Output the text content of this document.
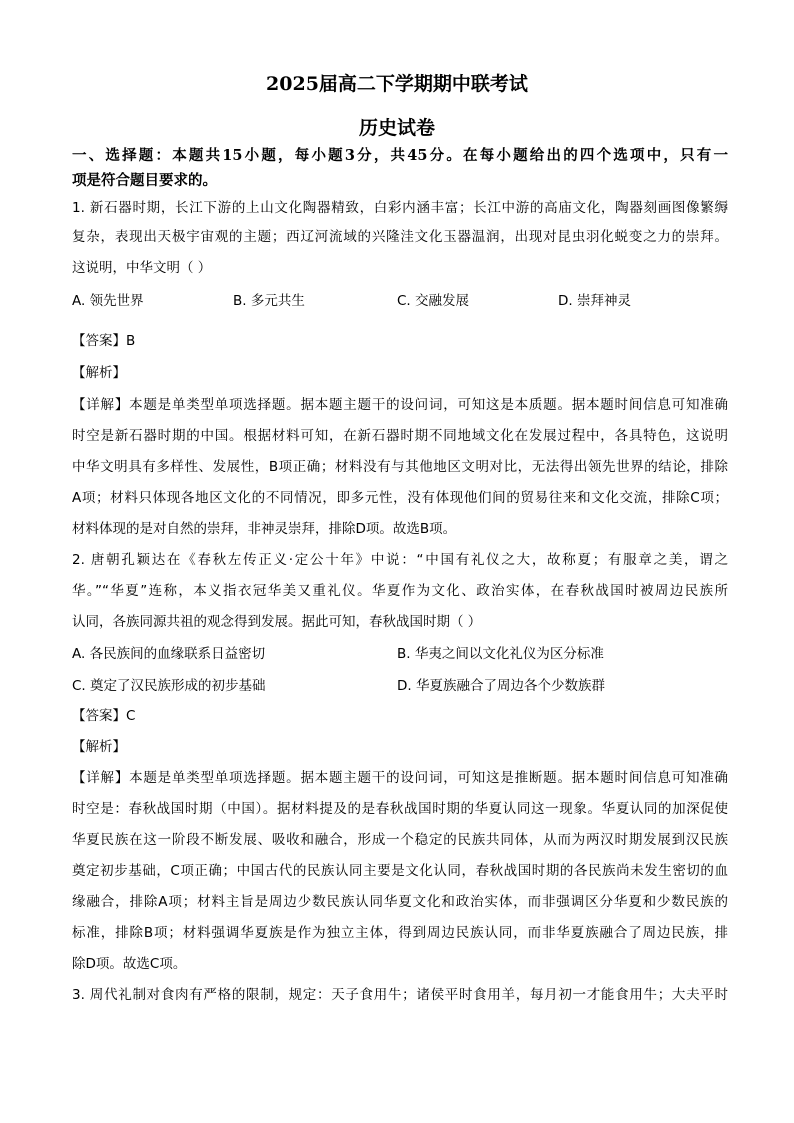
2025届高二下学期期中联考试
历史试卷

一、选择题：本题共15小题，每小题3分，共45分。在每小题给出的四个选项中，只有一

项是符合题目要求的。

1. 新石器时期，长江下游的上山文化陶器精致，白彩内涵丰富；长江中游的高庙文化，陶器刻画图像繁缛

复杂，表现出天极宇宙观的主题；西辽河流域的兴隆洼文化玉器温润，出现对昆虫羽化蜕变之力的崇拜。

这说明，中华文明（ ）

A. 领先世界	B. 多元共生	C. 交融发展	D. 崇拜神灵

【答案】B

【解析】

【详解】本题是单类型单项选择题。据本题主题干的设问词，可知这是本质题。据本题时间信息可知准确

时空是新石器时期的中国。根据材料可知，在新石器时期不同地域文化在发展过程中，各具特色，这说明

中华文明具有多样性、发展性，B项正确；材料没有与其他地区文明对比，无法得出领先世界的结论，排除

A项；材料只体现各地区文化的不同情况，即多元性，没有体现他们间的贸易往来和文化交流，排除C项；

材料体现的是对自然的崇拜，非神灵崇拜，排除D项。故选B项。

2. 唐朝孔颖达在《春秋左传正义·定公十年》中说：“中国有礼仪之大，故称夏；有服章之美，谓之

华。”“华夏”连称，本义指衣冠华美又重礼仪。华夏作为文化、政治实体，在春秋战国时被周边民族所

认同，各族同源共祖的观念得到发展。据此可知，春秋战国时期（ ）

A. 各民族间的血缘联系日益密切	B. 华夷之间以文化礼仪为区分标准

C. 奠定了汉民族形成的初步基础	D. 华夏族融合了周边各个少数族群

【答案】C

【解析】

【详解】本题是单类型单项选择题。据本题主题干的设问词，可知这是推断题。据本题时间信息可知准确

时空是：春秋战国时期（中国）。据材料提及的是春秋战国时期的华夏认同这一现象。华夏认同的加深促使

华夏民族在这一阶段不断发展、吸收和融合，形成一个稳定的民族共同体，从而为两汉时期发展到汉民族

奠定初步基础，C项正确；中国古代的民族认同主要是文化认同，春秋战国时期的各民族尚未发生密切的血

缘融合，排除A项；材料主旨是周边少数民族认同华夏文化和政治实体，而非强调区分华夏和少数民族的

标准，排除B项；材料强调华夏族是作为独立主体，得到周边民族认同，而非华夏族融合了周边民族，排

除D项。故选C项。

3. 周代礼制对食肉有严格的限制，规定：天子食用牛；诸侯平时食用羊，每月初一才能食用牛；大夫平时
